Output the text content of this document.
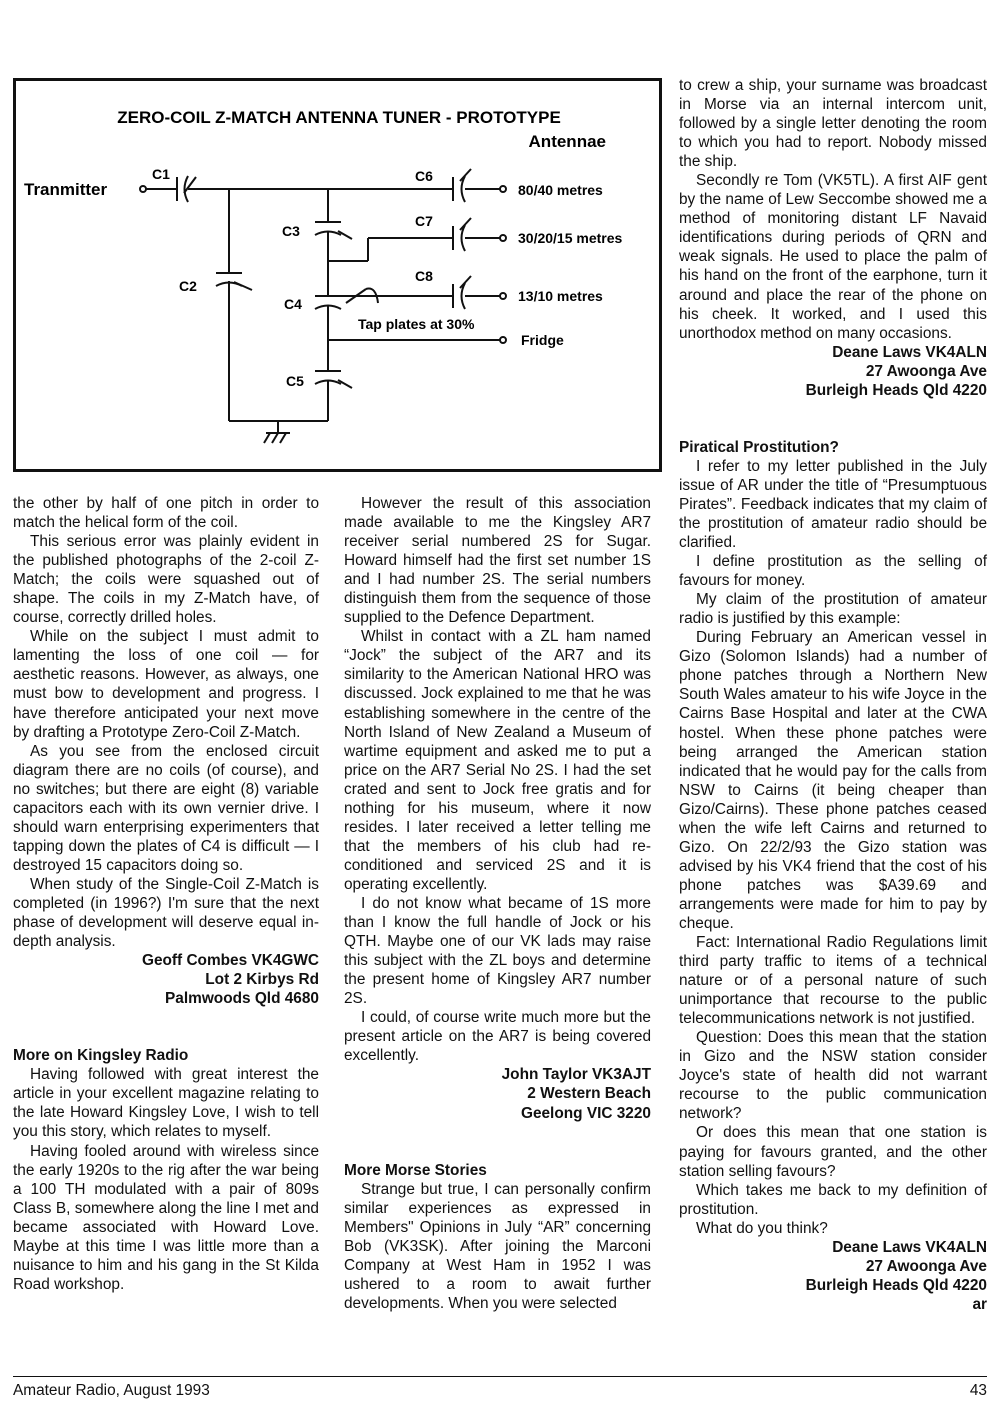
ZERO-COIL Z-MATCH ANTENNA TUNER - PROTOTYPE
Antennae
Tranmitter
C1
C2
C3
C4
C5
C6
C7
C8
80/40 metres
30/20/15 metres
13/10 metres
Fridge
Tap plates at 30%

the other by half of one pitch in order to match the helical form of the coil.

This serious error was plainly evident in the published photographs of the 2-coil Z-Match; the coils were squashed out of shape. The coils in my Z-Match have, of course, correctly drilled holes.

While on the subject I must admit to lamenting the loss of one coil — for aesthetic reasons. However, as always, one must bow to development and progress. I have therefore anticipated your next move by drafting a Prototype Zero-Coil Z-Match.

As you see from the enclosed circuit diagram there are no coils (of course), and no switches; but there are eight (8) variable capacitors each with its own vernier drive. I should warn enterprising experimenters that tapping down the plates of C4 is difficult — I destroyed 15 capacitors doing so.

When study of the Single-Coil Z-Match is completed (in 1996?) I'm sure that the next phase of development will deserve equal in-depth analysis.

Geoff Combes VK4GWC
Lot 2 Kirbys Rd
Palmwoods Qld 4680
More on Kingsley Radio

Having followed with great interest the article in your excellent magazine relating to the late Howard Kingsley Love, I wish to tell you this story, which relates to myself.

Having fooled around with wireless since the early 1920s to the rig after the war being a 100 TH modulated with a pair of 809s Class B, somewhere along the line I met and became associated with Howard Love. Maybe at this time I was little more than a nuisance to him and his gang in the St Kilda Road workshop.

However the result of this association made available to me the Kingsley AR7 receiver serial numbered 2S for Sugar. Howard himself had the first set number 1S and I had number 2S. The serial numbers distinguish them from the sequence of those supplied to the Defence Department.

Whilst in contact with a ZL ham named “Jock” the subject of the AR7 and its similarity to the American National HRO was discussed. Jock explained to me that he was establishing somewhere in the centre of the North Island of New Zealand a Museum of wartime equipment and asked me to put a price on the AR7 Serial No 2S. I had the set crated and sent to Jock free gratis and for nothing for his museum, where it now resides. I later received a letter telling me that the members of his club had re-conditioned and serviced 2S and it is operating excellently.

I do not know what became of 1S more than I know the full handle of Jock or his QTH. Maybe one of our VK lads may raise this subject with the ZL boys and determine the present home of Kingsley AR7 number 2S.

I could, of course write much more but the present article on the AR7 is being covered excellently.

John Taylor VK3AJT
2 Western Beach
Geelong VIC 3220
More Morse Stories

Strange but true, I can personally confirm similar experiences as expressed in Members" Opinions in July “AR” concerning Bob (VK3SK). After joining the Marconi Company at West Ham in 1952 I was ushered to a room to await further developments. When you were selected

to crew a ship, your surname was broadcast in Morse via an internal intercom unit, followed by a single letter denoting the room to which you had to report. Nobody missed the ship.

Secondly re Tom (VK5TL). A first AIF gent by the name of Lew Seccombe showed me a method of monitoring distant LF Navaid identifications during periods of QRN and weak signals. He used to place the palm of his hand on the front of the earphone, turn it around and place the rear of the phone on his cheek. It worked, and I used this unorthodox method on many occasions.

Deane Laws VK4ALN
27 Awoonga Ave
Burleigh Heads Qld 4220
Piratical Prostitution?

I refer to my letter published in the July issue of AR under the title of “Presumptuous Pirates”. Feedback indicates that my claim of the prostitution of amateur radio should be clarified.

I define prostitution as the selling of favours for money.

My claim of the prostitution of amateur radio is justified by this example:

During February an American vessel in Gizo (Solomon Islands) had a number of phone patches through a Northern New South Wales amateur to his wife Joyce in the Cairns Base Hospital and later at the CWA hostel. When these phone patches were being arranged the American station indicated that he would pay for the calls from NSW to Cairns (it being cheaper than Gizo/Cairns). These phone patches ceased when the wife left Cairns and returned to Gizo. On 22/2/93 the Gizo station was advised by his VK4 friend that the cost of his phone patches was $A39.69 and arrangements were made for him to pay by cheque.

Fact: International Radio Regulations limit third party traffic to items of a technical nature or of a personal nature of such unimportance that recourse to the public telecommunications network is not justified.

Question: Does this mean that the station in Gizo and the NSW station consider Joyce's state of health did not warrant recourse to the public communication network?

Or does this mean that one station is paying for favours granted, and the other station selling favours?

Which takes me back to my definition of prostitution.

What do you think?

Deane Laws VK4ALN
27 Awoonga Ave
Burleigh Heads Qld 4220
ar
Amateur Radio, August 1993	43
